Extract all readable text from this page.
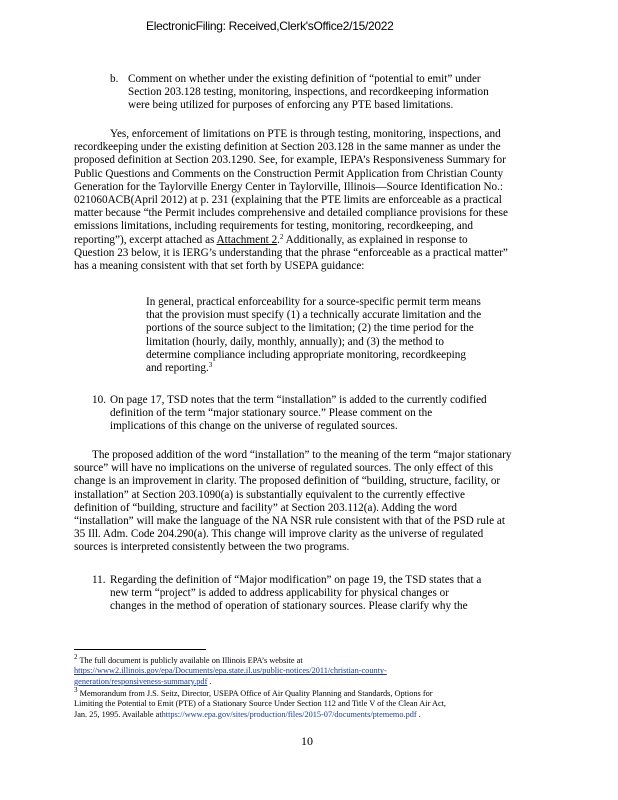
ElectronicFiling: Received,Clerk'sOffice2/15/2022
b. Comment on whether under the existing definition of “potential to emit” under
Section 203.128 testing, monitoring, inspections, and recordkeeping information
were being utilized for purposes of enforcing any PTE based limitations.
Yes, enforcement of limitations on PTE is through testing, monitoring, inspections, and
recordkeeping under the existing definition at Section 203.128 in the same manner as under the
proposed definition at Section 203.1290. See, for example, IEPA’s Responsiveness Summary for
Public Questions and Comments on the Construction Permit Application from Christian County
Generation for the Taylorville Energy Center in Taylorville, Illinois—Source Identification No.:
021060ACB(April 2012) at p. 231 (explaining that the PTE limits are enforceable as a practical
matter because “the Permit includes comprehensive and detailed compliance provisions for these
emissions limitations, including requirements for testing, monitoring, recordkeeping, and
reporting”), excerpt attached as Attachment 2.$^2$ Additionally, as explained in response to
Question 23 below, it is IERG’s understanding that the phrase “enforceable as a practical matter”
has a meaning consistent with that set forth by USEPA guidance:
In general, practical enforceability for a source-specific permit term means
that the provision must specify (1) a technically accurate limitation and the
portions of the source subject to the limitation; (2) the time period for the
limitation (hourly, daily, monthly, annually); and (3) the method to
determine compliance including appropriate monitoring, recordkeeping
and reporting.$^3$
10. On page 17, TSD notes that the term “installation” is added to the currently codified
definition of the term “major stationary source.” Please comment on the
implications of this change on the universe of regulated sources.
The proposed addition of the word “installation” to the meaning of the term “major stationary
source” will have no implications on the universe of regulated sources. The only effect of this
change is an improvement in clarity. The proposed definition of “building, structure, facility, or
installation” at Section 203.1090(a) is substantially equivalent to the currently effective
definition of “building, structure and facility” at Section 203.112(a). Adding the word
“installation” will make the language of the NA NSR rule consistent with that of the PSD rule at
35 Ill. Adm. Code 204.290(a). This change will improve clarity as the universe of regulated
sources is interpreted consistently between the two programs.
11. Regarding the definition of “Major modification” on page 19, the TSD states that a
new term “project” is added to address applicability for physical changes or
changes in the method of operation of stationary sources. Please clarify why the
$^2$ The full document is publicly available on Illinois EPA’s website at
https://www2.illinois.gov/epa/Documents/epa.state.il.us/public-notices/2011/christian-county-
generation/responsiveness-summary.pdf .
$^3$ Memorandum from J.S. Seitz, Director, USEPA Office of Air Quality Planning and Standards, Options for
Limiting the Potential to Emit (PTE) of a Stationary Source Under Section 112 and Title V of the Clean Air Act,
Jan. 25, 1995. Available athttps://www.epa.gov/sites/production/files/2015-07/documents/ptememo.pdf .
10
